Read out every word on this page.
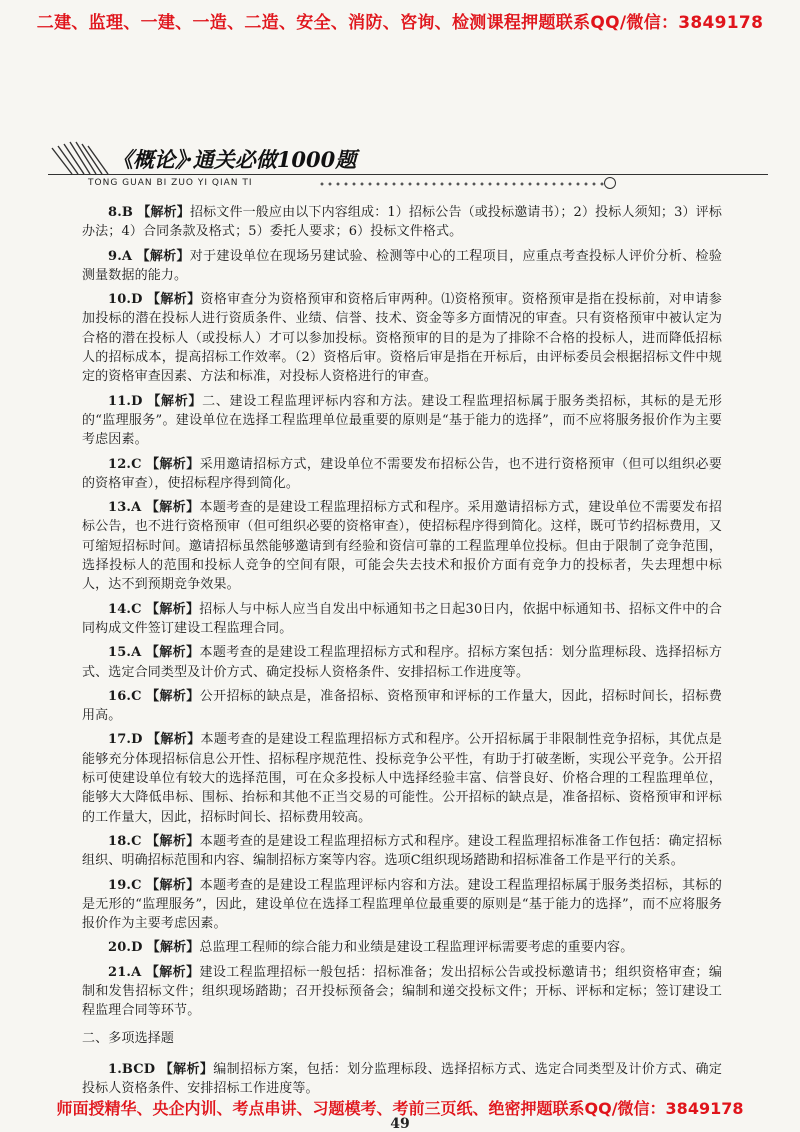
二建、监理、一建、一造、二造、安全、消防、咨询、检测课程押题联系QQ/微信：3849178
《概论》·通关必做1000题
TONG GUAN BI ZUO YI QIAN TI
8.B 【解析】招标文件一般应由以下内容组成：1）招标公告（或投标邀请书）；2）投标人须知；3）评标办法；4）合同条款及格式；5）委托人要求；6）投标文件格式。
9.A 【解析】对于建设单位在现场另建试验、检测等中心的工程项目，应重点考查投标人评价分析、检验测量数据的能力。
10.D 【解析】资格审查分为资格预审和资格后审两种。⑴资格预审。资格预审是指在投标前，对申请参加投标的潜在投标人进行资质条件、业绩、信誉、技术、资金等多方面情况的审查。只有资格预审中被认定为合格的潜在投标人（或投标人）才可以参加投标。资格预审的目的是为了排除不合格的投标人，进而降低招标人的招标成本，提高招标工作效率。（2）资格后审。资格后审是指在开标后，由评标委员会根据招标文件中规定的资格审查因素、方法和标准，对投标人资格进行的审查。
11.D 【解析】二、建设工程监理评标内容和方法。建设工程监理招标属于服务类招标，其标的是无形的“监理服务”。建设单位在选择工程监理单位最重要的原则是“基于能力的选择”，而不应将服务报价作为主要考虑因素。
12.C 【解析】采用邀请招标方式，建设单位不需要发布招标公告，也不进行资格预审（但可以组织必要的资格审查），使招标程序得到简化。
13.A 【解析】本题考查的是建设工程监理招标方式和程序。采用邀请招标方式，建设单位不需要发布招标公告，也不进行资格预审（但可组织必要的资格审查），使招标程序得到简化。这样，既可节约招标费用，又可缩短招标时间。邀请招标虽然能够邀请到有经验和资信可靠的工程监理单位投标。但由于限制了竞争范围，选择投标人的范围和投标人竞争的空间有限，可能会失去技术和报价方面有竞争力的投标者，失去理想中标人，达不到预期竞争效果。
14.C 【解析】招标人与中标人应当自发出中标通知书之日起30日内，依据中标通知书、招标文件中的合同构成文件签订建设工程监理合同。
15.A 【解析】本题考查的是建设工程监理招标方式和程序。招标方案包括：划分监理标段、选择招标方式、选定合同类型及计价方式、确定投标人资格条件、安排招标工作进度等。
16.C 【解析】公开招标的缺点是，准备招标、资格预审和评标的工作量大，因此，招标时间长，招标费用高。
17.D 【解析】本题考查的是建设工程监理招标方式和程序。公开招标属于非限制性竞争招标，其优点是能够充分体现招标信息公开性、招标程序规范性、投标竞争公平性，有助于打破垄断，实现公平竞争。公开招标可使建设单位有较大的选择范围，可在众多投标人中选择经验丰富、信誉良好、价格合理的工程监理单位，能够大大降低串标、围标、抬标和其他不正当交易的可能性。公开招标的缺点是，准备招标、资格预审和评标的工作量大，因此，招标时间长、招标费用较高。
18.C 【解析】本题考查的是建设工程监理招标方式和程序。建设工程监理招标准备工作包括：确定招标组织、明确招标范围和内容、编制招标方案等内容。选项C组织现场踏勘和招标准备工作是平行的关系。
19.C 【解析】本题考查的是建设工程监理评标内容和方法。建设工程监理招标属于服务类招标，其标的是无形的“监理服务”，因此，建设单位在选择工程监理单位最重要的原则是“基于能力的选择”，而不应将服务报价作为主要考虑因素。
20.D 【解析】总监理工程师的综合能力和业绩是建设工程监理评标需要考虑的重要内容。
21.A 【解析】建设工程监理招标一般包括：招标准备；发出招标公告或投标邀请书；组织资格审查；编制和发售招标文件；组织现场踏勘；召开投标预备会；编制和递交投标文件；开标、评标和定标；签订建设工程监理合同等环节。
二、多项选择题
1.BCD 【解析】编制招标方案，包括：划分监理标段、选择招标方式、选定合同类型及计价方式、确定投标人资格条件、安排招标工作进度等。
师面授精华、央企内训、考点串讲、习题模考、考前三页纸、绝密押题联系QQ/微信：3849178
49
